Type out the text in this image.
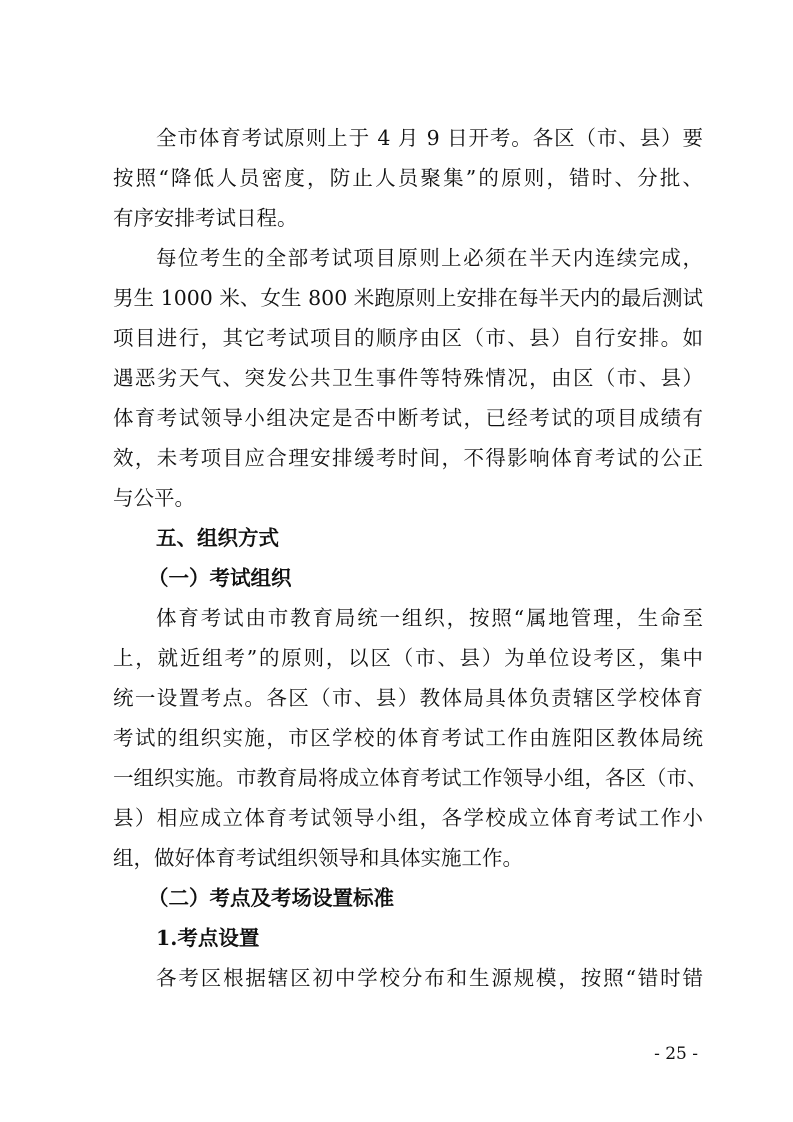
全市体育考试原则上于 4 月 9 日开考。各区（市、县）要
按照“降低人员密度，防止人员聚集”的原则，错时、分批、
有序安排考试日程。
每位考生的全部考试项目原则上必须在半天内连续完成，
男生 1000 米、女生 800 米跑原则上安排在每半天内的最后测试
项目进行，其它考试项目的顺序由区（市、县）自行安排。如
遇恶劣天气、突发公共卫生事件等特殊情况，由区（市、县）
体育考试领导小组决定是否中断考试，已经考试的项目成绩有
效，未考项目应合理安排缓考时间，不得影响体育考试的公正
与公平。
五、组织方式
（一）考试组织
体育考试由市教育局统一组织，按照“属地管理，生命至
上，就近组考”的原则，以区（市、县）为单位设考区，集中
统一设置考点。各区（市、县）教体局具体负责辖区学校体育
考试的组织实施，市区学校的体育考试工作由旌阳区教体局统
一组织实施。市教育局将成立体育考试工作领导小组，各区（市、
县）相应成立体育考试领导小组，各学校成立体育考试工作小
组，做好体育考试组织领导和具体实施工作。
（二）考点及考场设置标准
1.考点设置
各考区根据辖区初中学校分布和生源规模，按照“错时错
- 25 -
